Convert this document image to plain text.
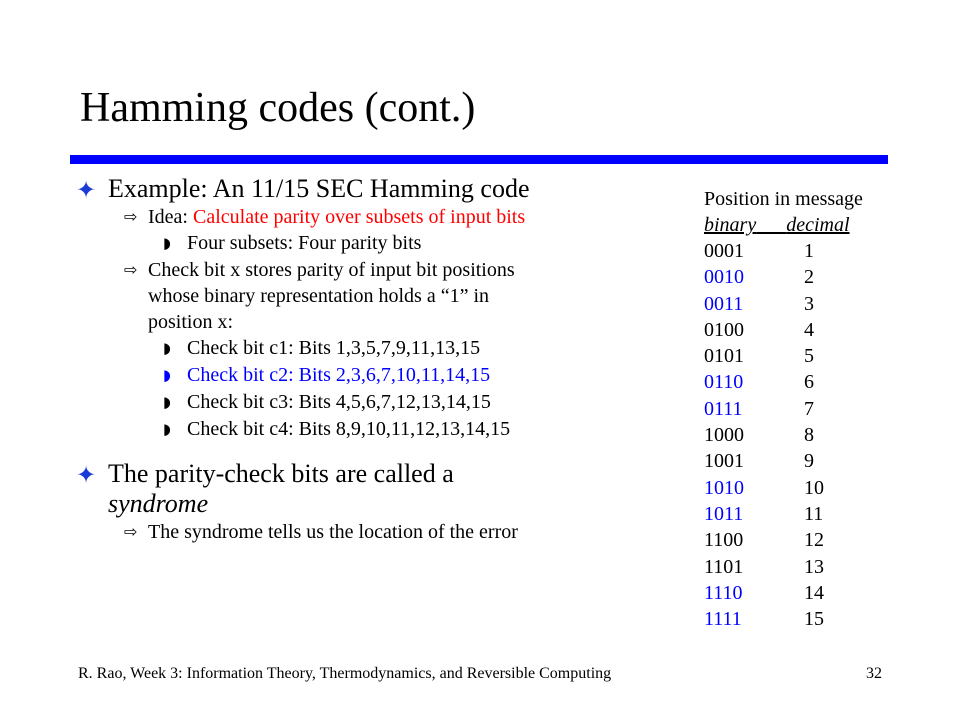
Hamming codes (cont.)
✦ Example: An 11/15 SEC Hamming code
⇨ Idea: Calculate parity over subsets of input bits
◗ Four subsets: Four parity bits
⇨ Check bit x stores parity of input bit positions
whose binary representation holds a “1” in
position x:
◗ Check bit c1: Bits 1,3,5,7,9,11,13,15
◗ Check bit c2: Bits 2,3,6,7,10,11,14,15
◗ Check bit c3: Bits 4,5,6,7,12,13,14,15
◗ Check bit c4: Bits 8,9,10,11,12,13,14,15
✦ The parity-check bits are called a
syndrome
⇨ The syndrome tells us the location of the error
Position in message
binary decimal
0001	1
0010	2
0011	3
0100	4
0101	5
0110	6
0111	7
1000	8
1001	9
1010	10
1011	11
1100	12
1101	13
1110	14
1111	15
R. Rao, Week 3: Information Theory, Thermodynamics, and Reversible Computing	32
